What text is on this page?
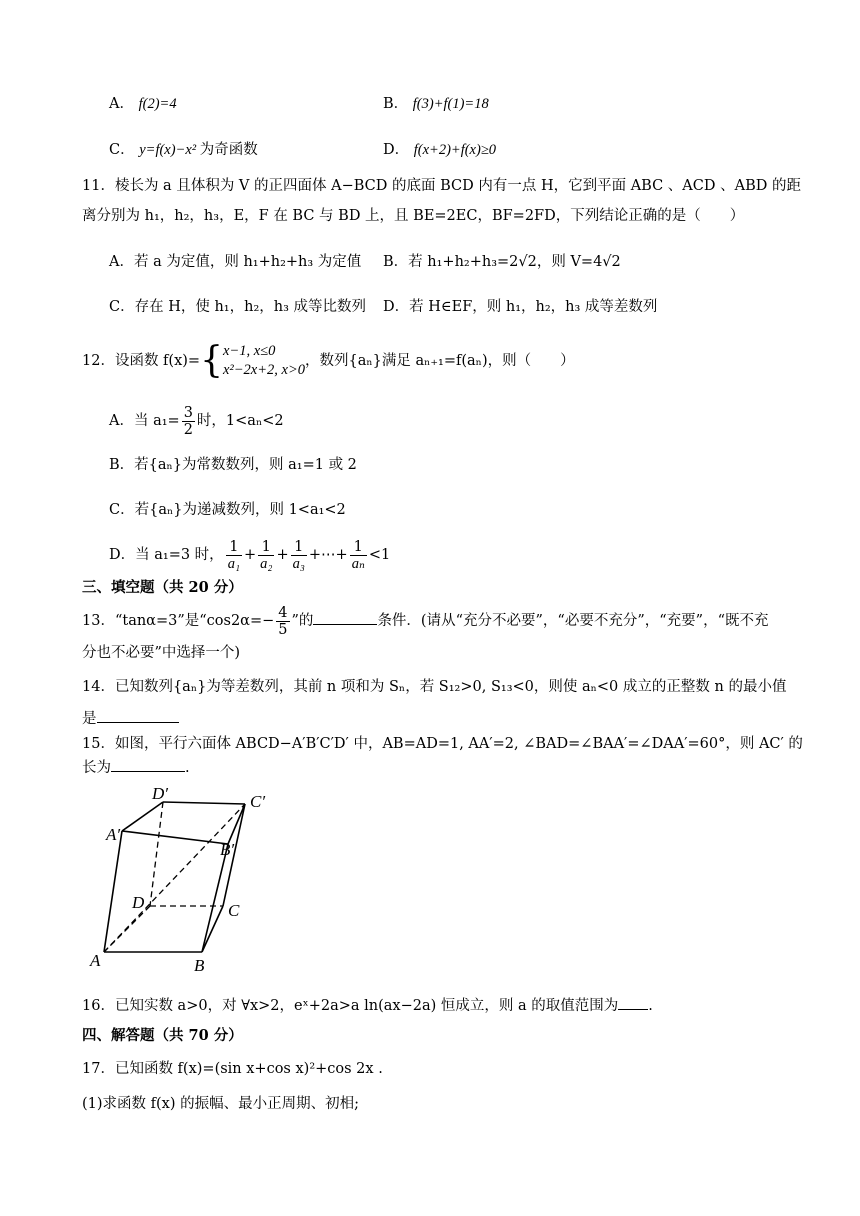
A． f(2)=4	B． f(3)+f(1)=18
C． y=f(x)−x² 为奇函数	D． f(x+2)+f(x)≥0
11．棱长为 a 且体积为 V 的正四面体 A−BCD 的底面 BCD 内有一点 H，它到平面 ABC 、ACD 、ABD 的距
离分别为 h₁，h₂，h₃，E，F 在 BC 与 BD 上，且 BE=2EC，BF=2FD，下列结论正确的是（　　）
A．若 a 为定值，则 h₁+h₂+h₃ 为定值 B．若 h₁+h₂+h₃=2√2，则 V=4√2
C．存在 H，使 h₁，h₂，h₃ 成等比数列 D．若 H∈EF，则 h₁，h₂，h₃ 成等差数列
12．设函数 f(x)={ x−1, x≤0
x²−2x+2, x>0
，数列{aₙ}满足 aₙ₊₁=f(aₙ)，则（　　）
A．当 $a_1= \frac{3}{2}$ 时，1<aₙ<2
B．若{aₙ}为常数数列，则 a₁=1 或 2
C．若{aₙ}为递减数列，则 1<a₁<2
D．当 a₁=3 时， $\frac{1}{\text{a₁}} + \frac{1}{\text{a₂}} + \frac{1}{\text{a₃}}$ +⋯+ $\frac{1}{\text{aₙ}} <1$
三、填空题（共 20 分）
13．“tanα=3”是“$\cos 2\alpha=- \frac{4}{5}$ ”的	条件．(请从“充分不必要”，“必要不充分”，“充要”，“既不充
分也不必要”中选择一个)
14．已知数列{aₙ}为等差数列，其前 n 项和为 Sₙ，若 S₁₂>0, S₁₃<0，则使 aₙ<0 成立的正整数 n 的最小值
是
15．如图，平行六面体 ABCD−A′B′C′D′ 中，AB=AD=1, AA′=2, ∠BAD=∠BAA′=∠DAA′=60°，则 AC′ 的
长为	.
D′	C′
A′
B′
D	C
A	B
16．已知实数 a>0，对 ∀x>2，eˣ+2a>a ln(ax−2a) 恒成立，则 a 的取值范围为 .
四、解答题（共 70 分）
17．已知函数 f(x)=(sin x+cos x)²+cos 2x .
(1)求函数 f(x) 的振幅、最小正周期、初相;
